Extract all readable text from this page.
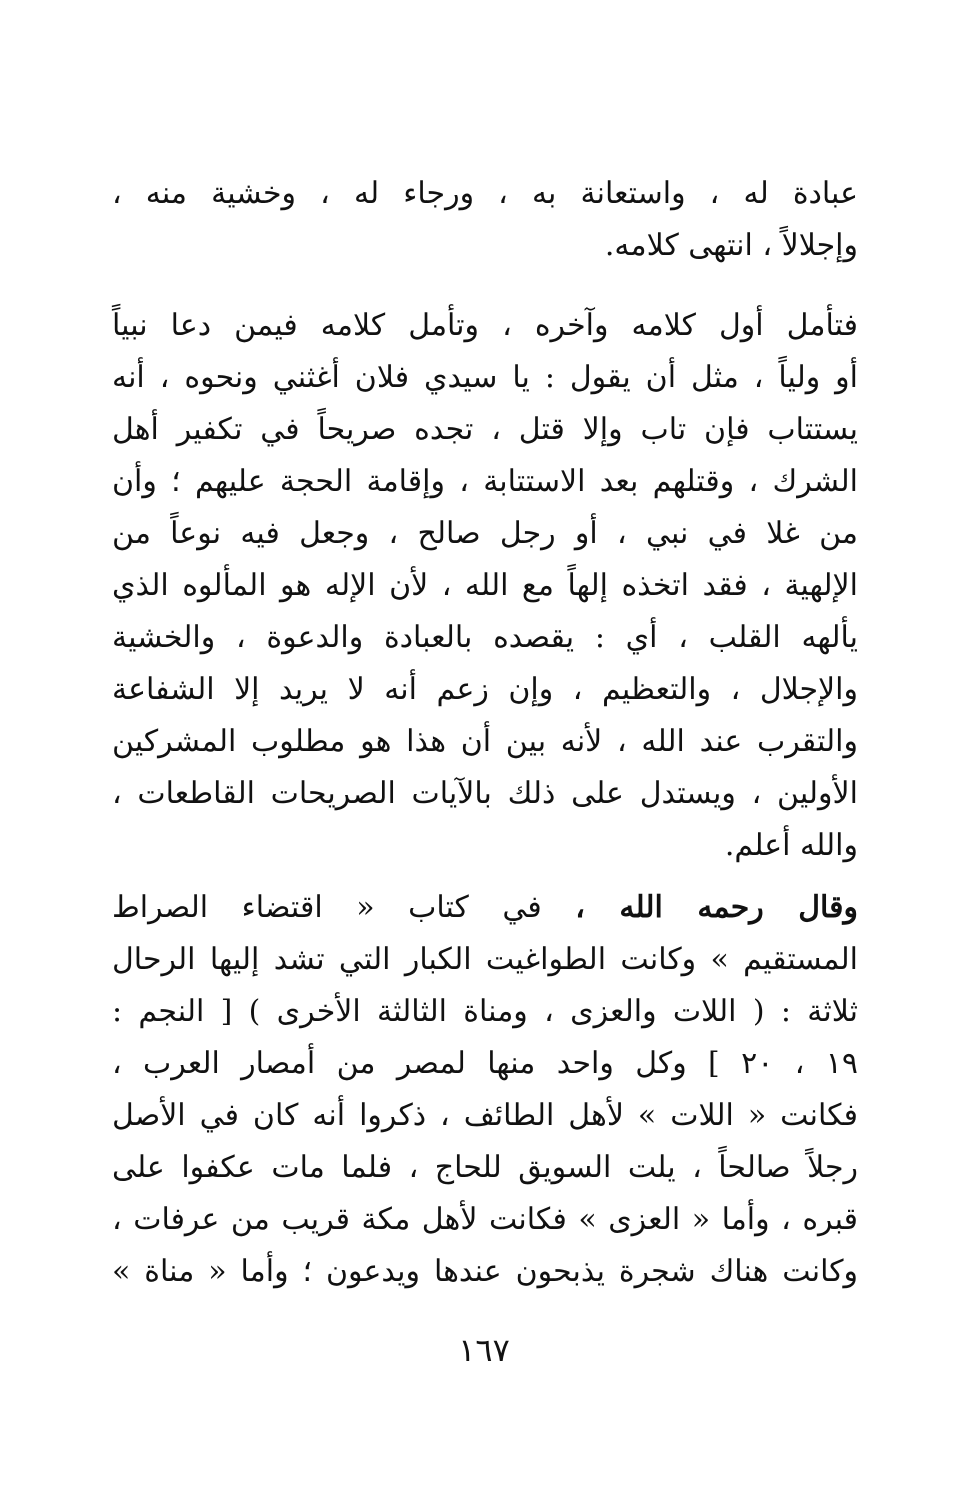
عبادة له ، واستعانة به ، ورجاء له ، وخشية منه ،
وإجلالاً ، انتهى كلامه.
فتأمل أول كلامه وآخره ، وتأمل كلامه فيمن دعا نبياً
أو ولياً ، مثل أن يقول : يا سيدي فلان أغثني ونحوه ، أنه
يستتاب فإن تاب وإلا قتل ، تجده صريحاً في تكفير أهل
الشرك ، وقتلهم بعد الاستتابة ، وإقامة الحجة عليهم ؛ وأن
من غلا في نبي ، أو رجل صالح ، وجعل فيه نوعاً من
الإلهية ، فقد اتخذه إلهاً مع الله ، لأن الإله هو المألوه الذي
يألهه القلب ، أي : يقصده بالعبادة والدعوة ، والخشية
والإجلال ، والتعظيم ، وإن زعم أنه لا يريد إلا الشفاعة
والتقرب عند الله ، لأنه بين أن هذا هو مطلوب المشركين
الأولين ، ويستدل على ذلك بالآيات الصريحات القاطعات ،
والله أعلم.
وقال رحمه الله ، في كتاب « اقتضاء الصراط
المستقيم » وكانت الطواغيت الكبار التي تشد إليها الرحال
ثلاثة : ( اللات والعزى ، ومناة الثالثة الأخرى ) [ النجم :
١٩ ، ٢٠ ] وكل واحد منها لمصر من أمصار العرب ،
فكانت « اللات » لأهل الطائف ، ذكروا أنه كان في الأصل
رجلاً صالحاً ، يلت السويق للحاج ، فلما مات عكفوا على
قبره ، وأما « العزى » فكانت لأهل مكة قريب من عرفات ،
وكانت هناك شجرة يذبحون عندها ويدعون ؛ وأما « مناة »
١٦٧
